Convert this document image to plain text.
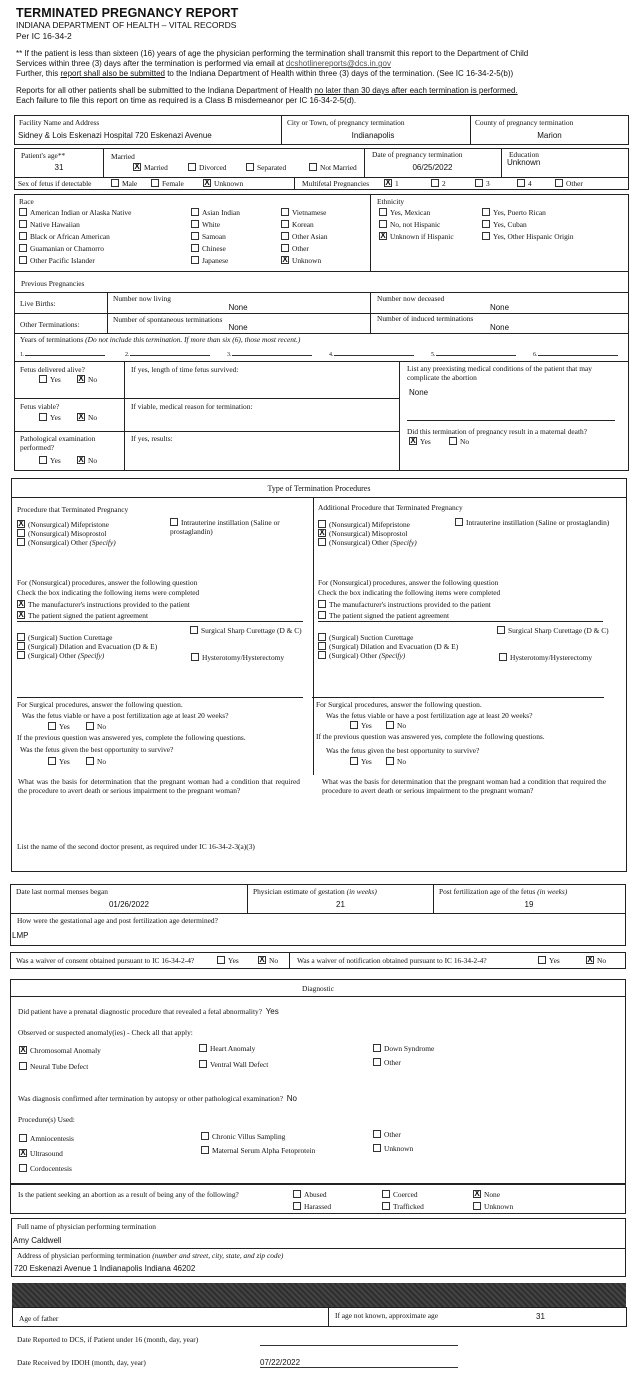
TERMINATED PREGNANCY REPORT
INDIANA DEPARTMENT OF HEALTH – VITAL RECORDS
Per IC 16-34-2
** If the patient is less than sixteen (16) years of age the physician performing the termination shall transmit this report to the Department of Child
Services within three (3) days after the termination is performed via email at dcshotlinereports@dcs.in.gov
Further, this report shall also be submitted to the Indiana Department of Health within three (3) days of the termination. (See IC 16-34-2-5(b))
Reports for all other patients shall be submitted to the Indiana Department of Health no later than 30 days after each termination is performed.
Each failure to file this report on time as required is a Class B misdemeanor per IC 16-34-2-5(d).
Facility Name and Address
Sidney & Lois Eskenazi Hospital 720 Eskenazi Avenue
City or Town, of pregnancy termination
Indianapolis
County of pregnancy termination
Marion
Patient's age**
31
Married
X Married	Divorced	Separated	Not Married
Date of pregnancy termination
06/25/2022
Education
Unknown
Sex of fetus if detectable	Male	Female	X Unknown	Multifetal Pregnancies X 1	2	3	4	Other
Race
American Indian or Alaska Native
Native Hawaiian
Black or African American
Guamanian or Chamorro
Other Pacific Islander
Asian Indian
White
Samoan
Chinese
Japanese
Vietnamese
Korean
Other Asian
Other
X Unknown
Ethnicity
Yes, Mexican
No, not Hispanic
X Unknown if Hispanic
Yes, Puerto Rican
Yes, Cuban
Yes, Other Hispanic Origin
Previous Pregnancies
Live Births:
Number now living
None
Number now deceased
None
Other Terminations:
Number of spontaneous terminations
None
Number of induced terminations
None
Years of terminations (Do not include this termination. If more than six (6), those most recent.)
1.	2.	3.	4.	5.	6.
Fetus delivered alive?
Yes X No
If yes, length of time fetus survived:
Fetus viable?
Yes X No
If viable, medical reason for termination:
Pathological examination performed?
Yes X No
If yes, results:
List any preexisting medical conditions of the patient that may complicate the abortion
None
Did this termination of pregnancy result in a maternal death?
X Yes	No
Type of Termination Procedures
Procedure that Terminated Pregnancy
X (Nonsurgical) Mifepristone
(Nonsurgical) Misoprostol
(Nonsurgical) Other (Specify)
Intrauterine instillation (Saline or prostaglandin)
For (Nonsurgical) procedures, answer the following question
Check the box indicating the following items were completed
X The manufacturer's instructions provided to the patient
X The patient signed the patient agreement
(Surgical) Suction Curettage
(Surgical) Dilation and Evacuation (D & E)
(Surgical) Other (Specify)
Surgical Sharp Curettage (D & C)
Hysterotomy/Hysterectomy
For Surgical procedures, answer the following question.
Was the fetus viable or have a post fertilization age at least 20 weeks?
Yes	No
If the previous question was answered yes, complete the following questions.
Was the fetus given the best opportunity to survive?
Yes	No
What was the basis for determination that the pregnant woman had a condition that required the procedure to avert death or serious impairment to the pregnant woman?
Additional Procedure that Terminated Pregnancy
(Nonsurgical) Mifepristone
X (Nonsurgical) Misoprostol
(Nonsurgical) Other (Specify)
Intrauterine instillation (Saline or prostaglandin)
For (Nonsurgical) procedures, answer the following question
Check the box indicating the following items were completed
The manufacturer's instructions provided to the patient
The patient signed the patient agreement
(Surgical) Suction Curettage
(Surgical) Dilation and Evacuation (D & E)
(Surgical) Other (Specify)
Surgical Sharp Curettage (D & C)
Hysterotomy/Hysterectomy
For Surgical procedures, answer the following question.
Was the fetus viable or have a post fertilization age at least 20 weeks?
Yes	No
If the previous question was answered yes, complete the following questions.
Was the fetus given the best opportunity to survive?
Yes	No
What was the basis for determination that the pregnant woman had a condition that required the procedure to avert death or serious impairment to the pregnant woman?
List the name of the second doctor present, as required under IC 16-34-2-3(a)(3)
Date last normal menses began
01/26/2022
Physician estimate of gestation (in weeks)
21
Post fertilization age of the fetus (in weeks)
19
How were the gestational age and post fertilization age determined?
LMP
Was a waiver of consent obtained pursuant to IC 16-34-2-4?	Yes	X No	Was a waiver of notification obtained pursuant to IC 16-34-2-4?	Yes	X No
Diagnostic
Did patient have a prenatal diagnostic procedure that revealed a fetal abnormality? Yes
Observed or suspected anomaly(ies) - Check all that apply:
X Chromosomal Anomaly
Neural Tube Defect
Heart Anomaly
Ventral Wall Defect
Down Syndrome
Other
Was diagnosis confirmed after termination by autopsy or other pathological examination? No
Procedure(s) Used:
Amniocentesis
X Ultrasound
Cordocentesis
Chronic Villus Sampling
Maternal Serum Alpha Fetoprotein
Other
Unknown
Is the patient seeking an abortion as a result of being any of the following?	Abused
Harassed
Coerced
Trafficked
X None
Unknown
Full name of physician performing termination
Amy Caldwell
Address of physician performing termination (number and street, city, state, and zip code)
720 Eskenazi Avenue 1 Indianapolis Indiana 46202
Age of father	If age not known, approximate age	31
Date Reported to DCS, if Patient under 16 (month, day, year)
Date Received by IDOH (month, day, year)	07/22/2022
